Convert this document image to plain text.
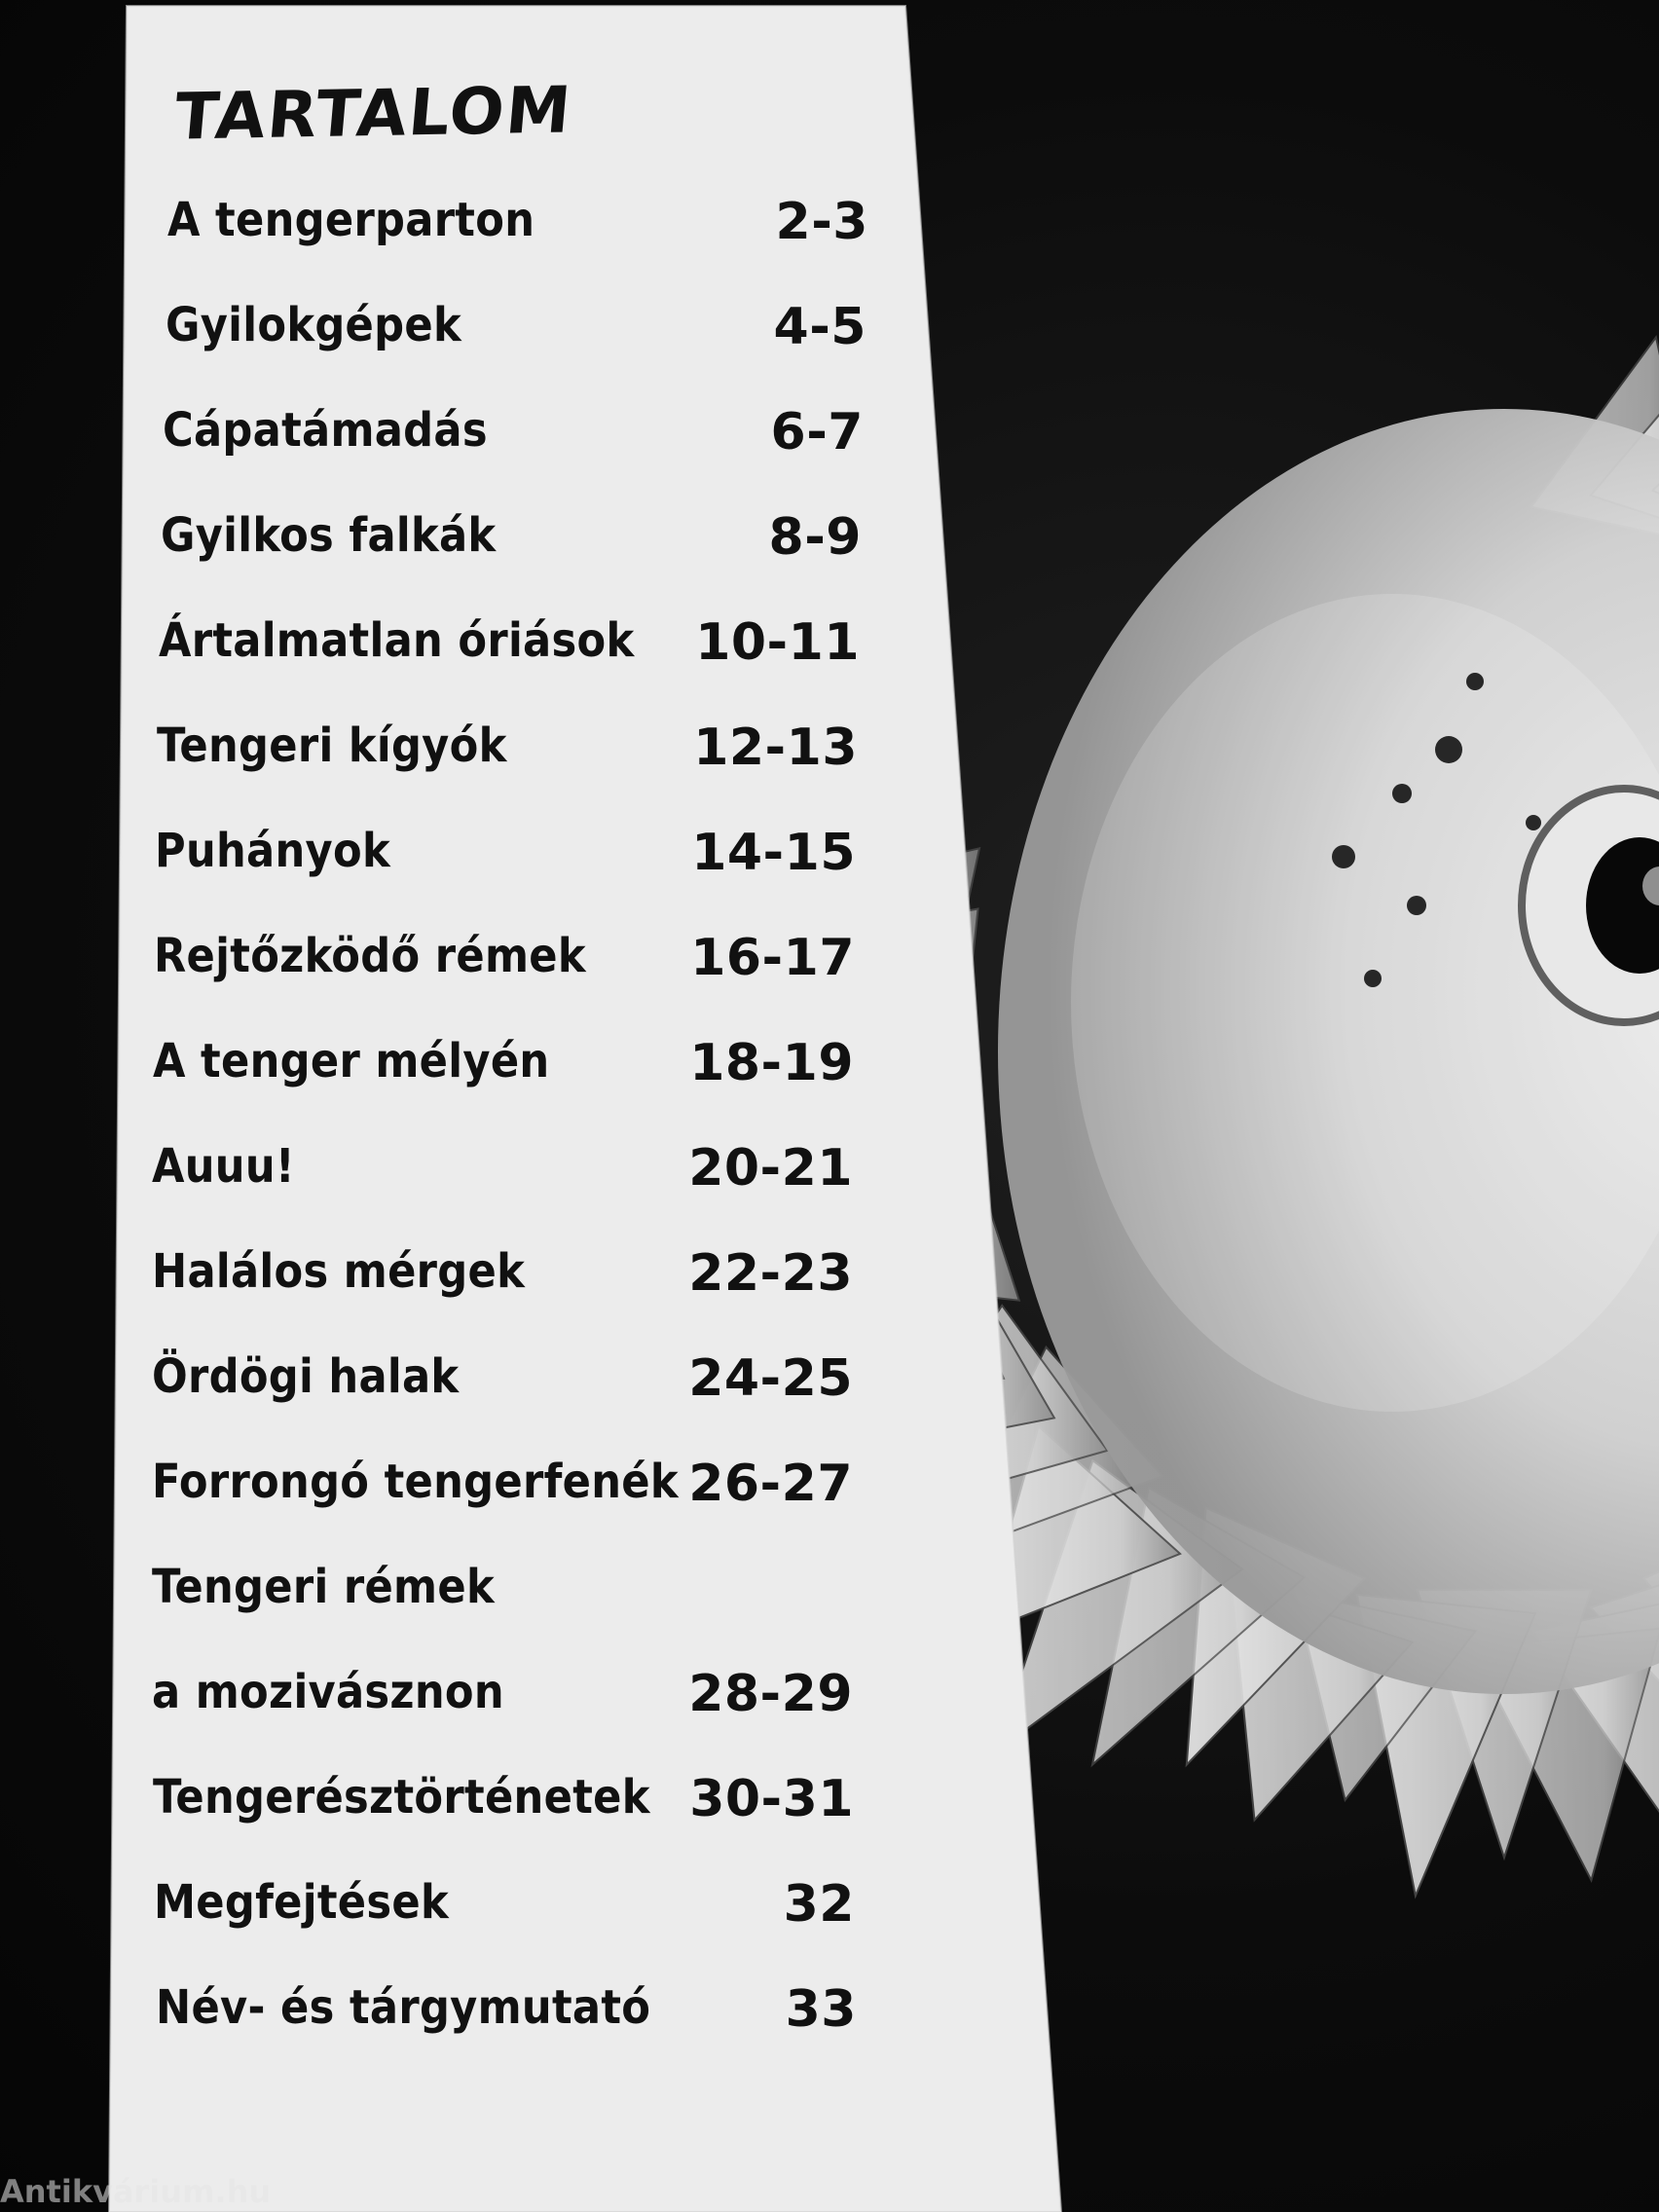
TARTALOM
A tengerparton	2-3
Gyilokgépek	4-5
Cápatámadás	6-7
Gyilkos falkák	8-9
Ártalmatlan óriások 10-11
Tengeri kígyók	12-13
Puhányok	14-15
Rejtőzködő rémek 16-17
A tenger mélyén	18-19
Auuu!	20-21
Halálos mérgek	22-23
Ördögi halak	24-25
Forrongó tengerfenék 26-27
Tengeri rémek
a mozivásznon	28-29
Tengerésztörténetek 30-31
Megfejtések	32
Név- és tárgymutató	33
Antikvárium.hu
